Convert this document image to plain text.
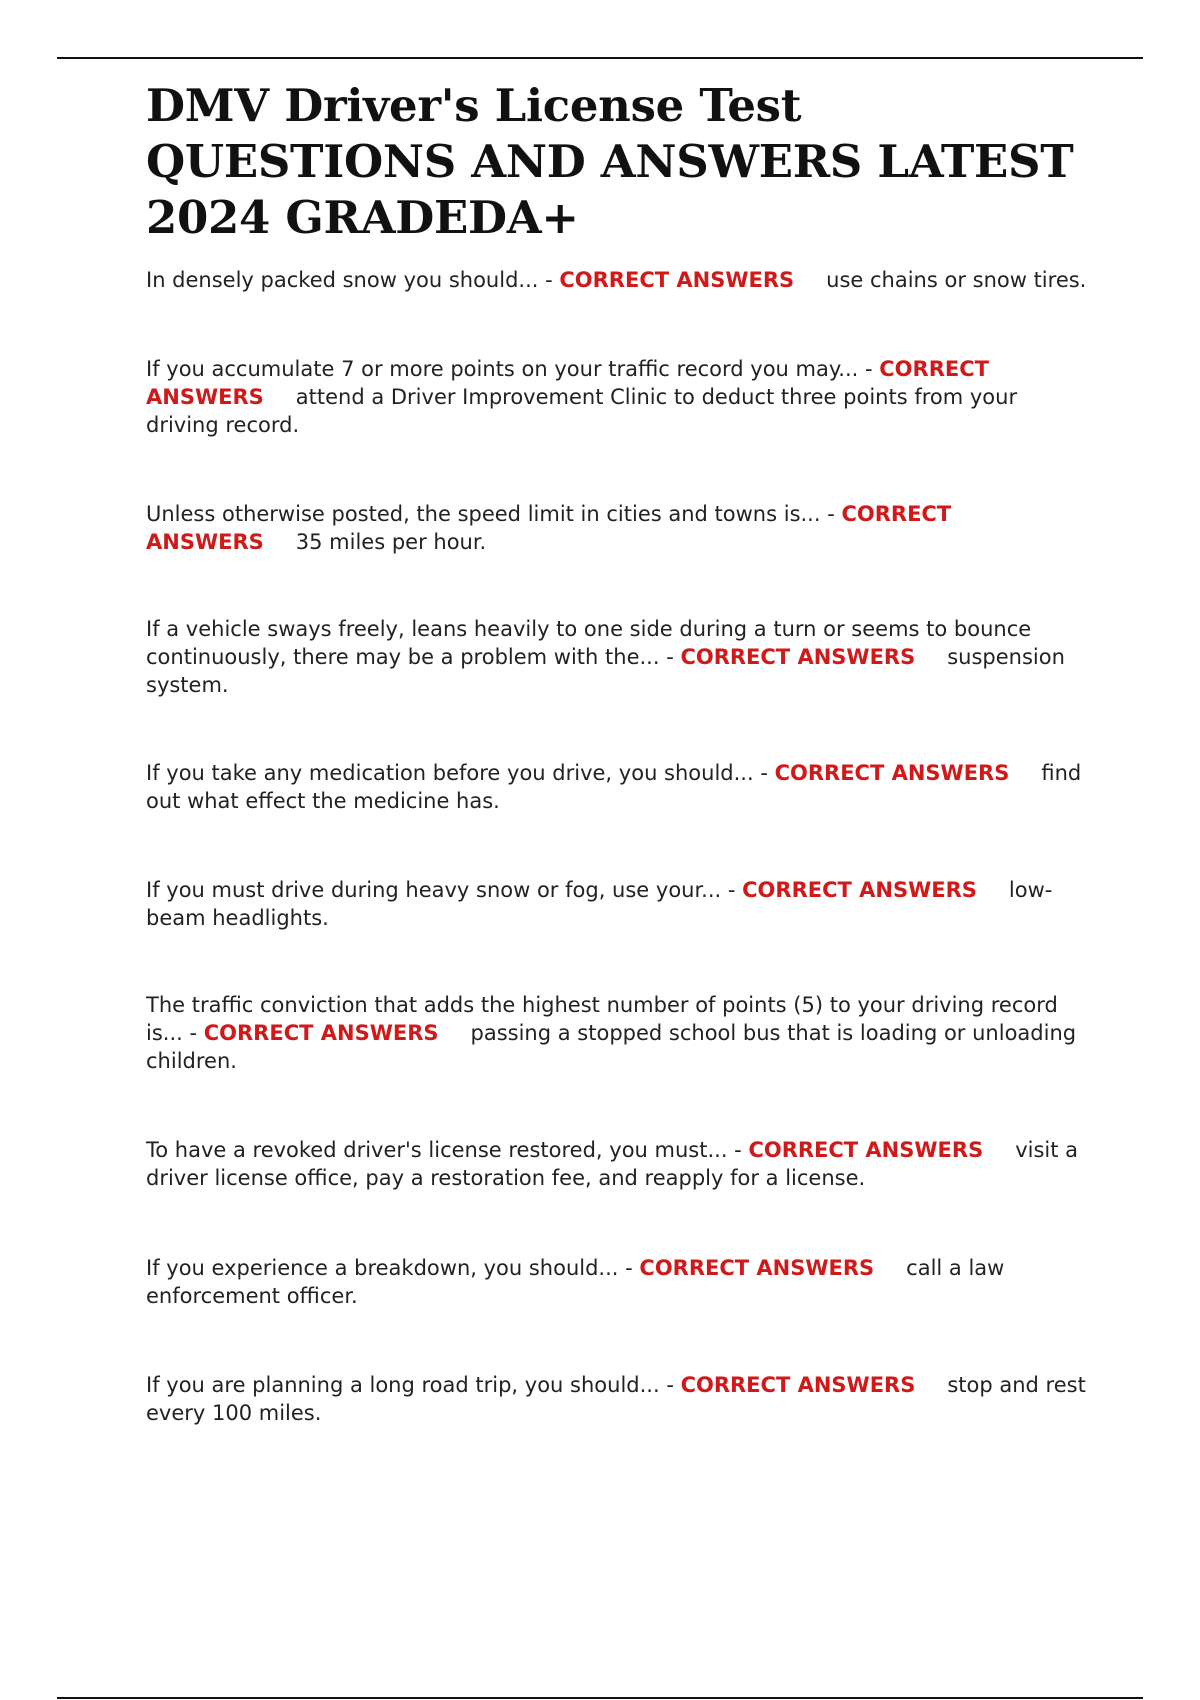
DMV Driver's License Test QUESTIONS AND ANSWERS LATEST 2024 GRADEDA+

In densely packed snow you should... - CORRECT ANSWERS use chains or snow tires.

If you accumulate 7 or more points on your traffic record you may... - CORRECT ANSWERS attend a Driver Improvement Clinic to deduct three points from your driving record.

Unless otherwise posted, the speed limit in cities and towns is... - CORRECT ANSWERS 35 miles per hour.

If a vehicle sways freely, leans heavily to one side during a turn or seems to bounce continuously, there may be a problem with the... - CORRECT ANSWERS suspension system.

If you take any medication before you drive, you should... - CORRECT ANSWERS find out what effect the medicine has.

If you must drive during heavy snow or fog, use your... - CORRECT ANSWERS low-beam headlights.

The traffic conviction that adds the highest number of points (5) to your driving record is... - CORRECT ANSWERS passing a stopped school bus that is loading or unloading children.

To have a revoked driver's license restored, you must... - CORRECT ANSWERS visit a driver license office, pay a restoration fee, and reapply for a license.

If you experience a breakdown, you should... - CORRECT ANSWERS call a law enforcement officer.

If you are planning a long road trip, you should... - CORRECT ANSWERS stop and rest every 100 miles.
